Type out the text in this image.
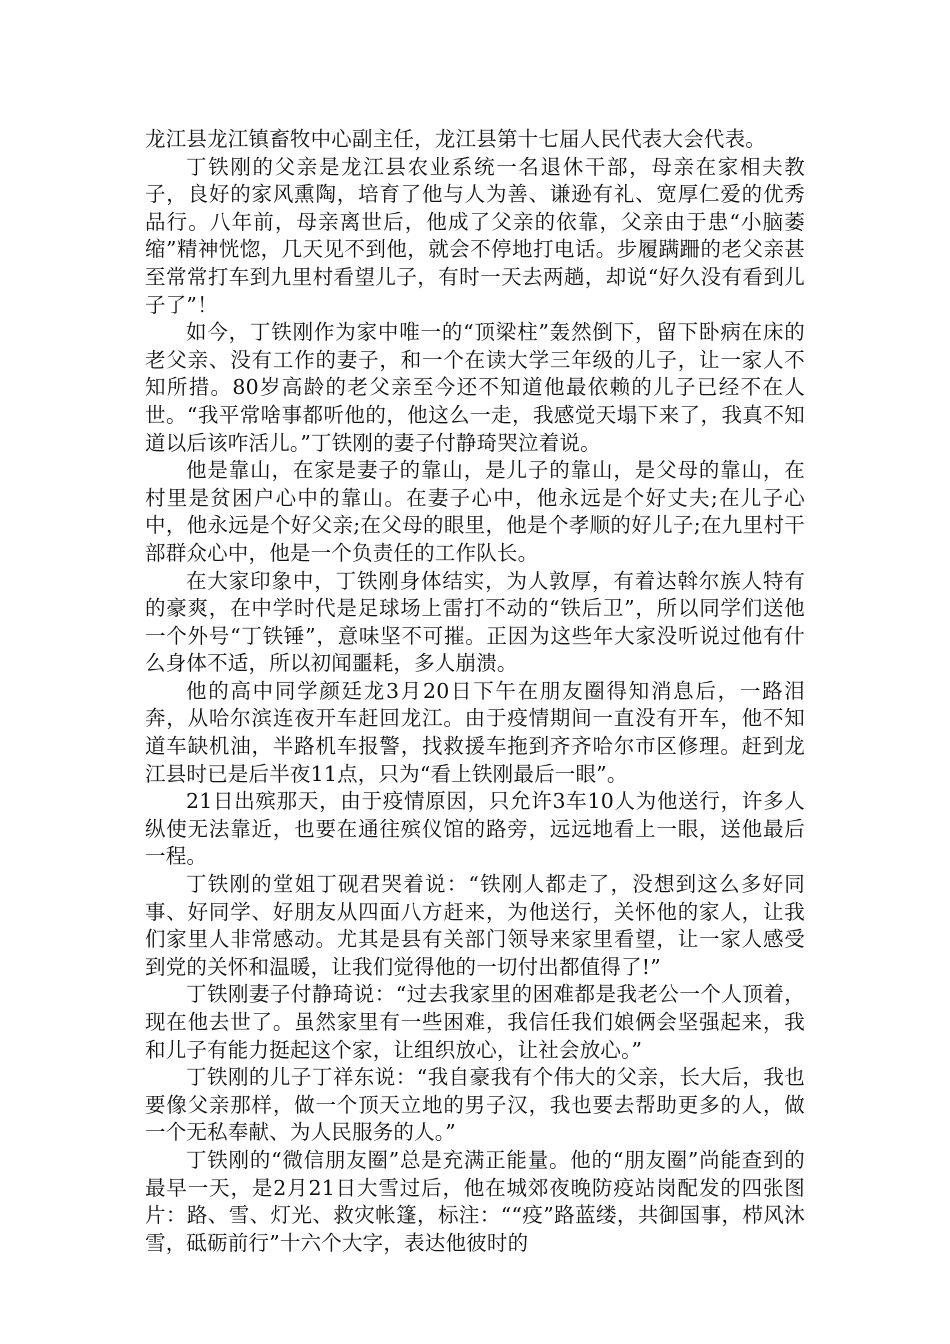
龙江县龙江镇畜牧中心副主任，龙江县第十七届人民代表大会代表。

丁铁刚的父亲是龙江县农业系统一名退休干部，母亲在家相夫教子，良好的家风熏陶，培育了他与人为善、谦逊有礼、宽厚仁爱的优秀品行。八年前，母亲离世后，他成了父亲的依靠，父亲由于患“小脑萎缩”精神恍惚，几天见不到他，就会不停地打电话。步履蹒跚的老父亲甚至常常打车到九里村看望儿子，有时一天去两趟，却说“好久没有看到儿子了”！

如今，丁铁刚作为家中唯一的“顶梁柱”轰然倒下，留下卧病在床的老父亲、没有工作的妻子，和一个在读大学三年级的儿子，让一家人不知所措。80岁高龄的老父亲至今还不知道他最依赖的儿子已经不在人世。“我平常啥事都听他的，他这么一走，我感觉天塌下来了，我真不知道以后该咋活儿。”丁铁刚的妻子付静琦哭泣着说。

他是靠山，在家是妻子的靠山，是儿子的靠山，是父母的靠山，在村里是贫困户心中的靠山。在妻子心中，他永远是个好丈夫;在儿子心中，他永远是个好父亲;在父母的眼里，他是个孝顺的好儿子;在九里村干部群众心中，他是一个负责任的工作队长。

在大家印象中，丁铁刚身体结实，为人敦厚，有着达斡尔族人特有的豪爽，在中学时代是足球场上雷打不动的“铁后卫”，所以同学们送他一个外号“丁铁锤”，意味坚不可摧。正因为这些年大家没听说过他有什么身体不适，所以初闻噩耗，多人崩溃。

他的高中同学颜廷龙3月20日下午在朋友圈得知消息后，一路泪奔，从哈尔滨连夜开车赶回龙江。由于疫情期间一直没有开车，他不知道车缺机油，半路机车报警，找救援车拖到齐齐哈尔市区修理。赶到龙江县时已是后半夜11点，只为“看上铁刚最后一眼”。

21日出殡那天，由于疫情原因，只允许3车10人为他送行，许多人纵使无法靠近，也要在通往殡仪馆的路旁，远远地看上一眼，送他最后一程。

丁铁刚的堂姐丁砚君哭着说：“铁刚人都走了，没想到这么多好同事、好同学、好朋友从四面八方赶来，为他送行，关怀他的家人，让我们家里人非常感动。尤其是县有关部门领导来家里看望，让一家人感受到党的关怀和温暖，让我们觉得他的一切付出都值得了!”

丁铁刚妻子付静琦说：“过去我家里的困难都是我老公一个人顶着，现在他去世了。虽然家里有一些困难，我信任我们娘俩会坚强起来，我和儿子有能力挺起这个家，让组织放心，让社会放心。”

丁铁刚的儿子丁祥东说：“我自豪我有个伟大的父亲，长大后，我也要像父亲那样，做一个顶天立地的男子汉，我也要去帮助更多的人，做一个无私奉献、为人民服务的人。”

丁铁刚的“微信朋友圈”总是充满正能量。他的“朋友圈”尚能查到的最早一天，是2月21日大雪过后，他在城郊夜晚防疫站岗配发的四张图片：路、雪、灯光、救灾帐篷，标注：““疫”路蓝缕，共御国事，栉风沐雪，砥砺前行”十六个大字，表达他彼时的
